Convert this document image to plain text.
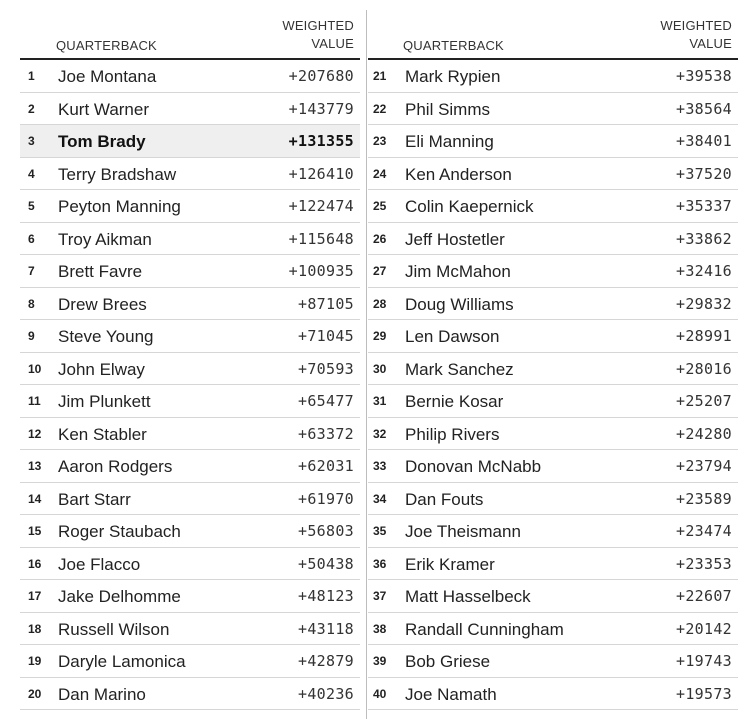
QUARTERBACK
WEIGHTED
VALUE
1 Joe Montana	+207680
2 Kurt Warner	+143779
3 Tom Brady	+131355
4 Terry Bradshaw	+126410
5 Peyton Manning	+122474
6 Troy Aikman	+115648
7 Brett Favre	+100935
8 Drew Brees	+87105
9 Steve Young	+71045
10 John Elway	+70593
11 Jim Plunkett	+65477
12 Ken Stabler	+63372
13 Aaron Rodgers	+62031
14 Bart Starr	+61970
15 Roger Staubach	+56803
16 Joe Flacco	+50438
17 Jake Delhomme	+48123
18 Russell Wilson	+43118
19 Daryle Lamonica	+42879
20 Dan Marino	+40236
QUARTERBACK
WEIGHTED
VALUE
21 Mark Rypien	+39538
22 Phil Simms	+38564
23 Eli Manning	+38401
24 Ken Anderson	+37520
25 Colin Kaepernick	+35337
26 Jeff Hostetler	+33862
27 Jim McMahon	+32416
28 Doug Williams	+29832
29 Len Dawson	+28991
30 Mark Sanchez	+28016
31 Bernie Kosar	+25207
32 Philip Rivers	+24280
33 Donovan McNabb	+23794
34 Dan Fouts	+23589
35 Joe Theismann	+23474
36 Erik Kramer	+23353
37 Matt Hasselbeck	+22607
38 Randall Cunningham	+20142
39 Bob Griese	+19743
40 Joe Namath	+19573
